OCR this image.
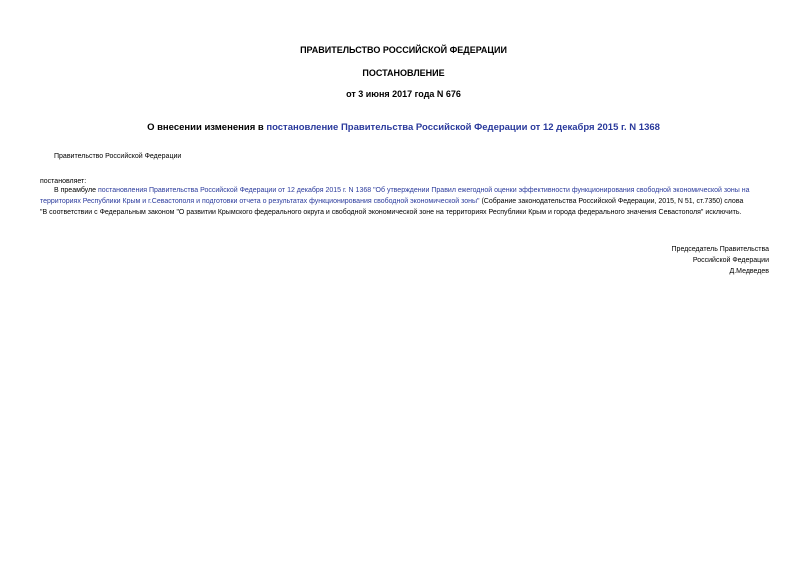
ПРАВИТЕЛЬСТВО РОССИЙСКОЙ ФЕДЕРАЦИИ
ПОСТАНОВЛЕНИЕ
от 3 июня 2017 года N 676
О внесении изменения в постановление Правительства Российской Федерации от 12 декабря 2015 г. N 1368
Правительство Российской Федерации
постановляет:
В преамбуле постановления Правительства Российской Федерации от 12 декабря 2015 г. N 1368 "Об утверждении Правил ежегодной оценки эффективности функционирования свободной экономической зоны на
территориях Республики Крым и г.Севастополя и подготовки отчета о результатах функционирования свободной экономической зоны" (Собрание законодательства Российской Федерации, 2015, N 51, ст.7350) слова
"В соответствии с Федеральным законом "О развитии Крымского федерального округа и свободной экономической зоне на территориях Республики Крым и города федерального значения Севастополя" исключить.
Председатель Правительства
Российской Федерации
Д.Медведев
